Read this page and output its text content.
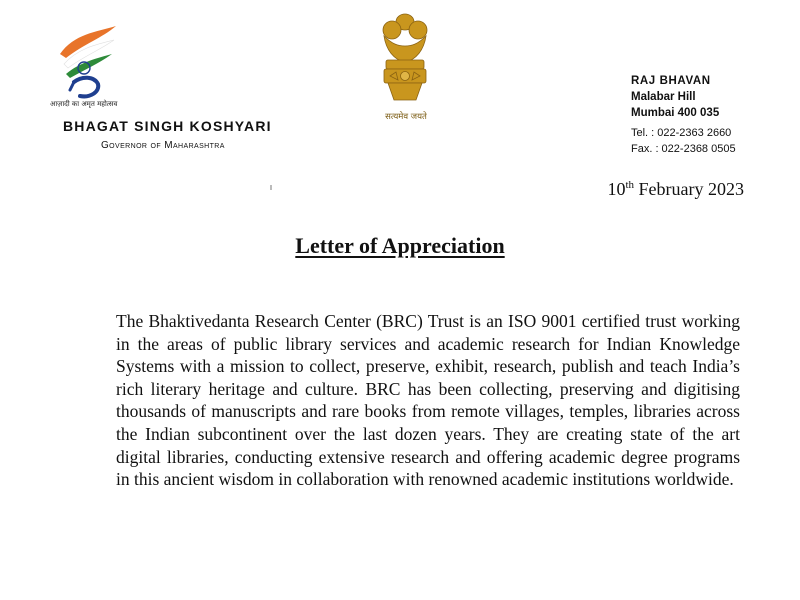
आज़ादी का अमृत महोत्सव
BHAGAT SINGH KOSHYARI
Governor of Maharashtra
सत्यमेव जयते
RAJ BHAVAN
Malabar Hill
Mumbai 400 035
Tel. : 022-2363 2660
Fax. : 022-2368 0505
10th February 2023
Letter of Appreciation
The Bhaktivedanta Research Center (BRC) Trust is an ISO 9001 certified trust working in the areas of public library services and academic research for Indian Knowledge Systems with a mission to collect, preserve, exhibit, research, publish and teach India’s rich literary heritage and culture. BRC has been collecting, preserving and digitising thousands of manuscripts and rare books from remote villages, temples, libraries across the Indian subcontinent over the last dozen years. They are creating state of the art digital libraries, conducting extensive research and offering academic degree programs in this ancient wisdom in collaboration with renowned academic institutions worldwide.
